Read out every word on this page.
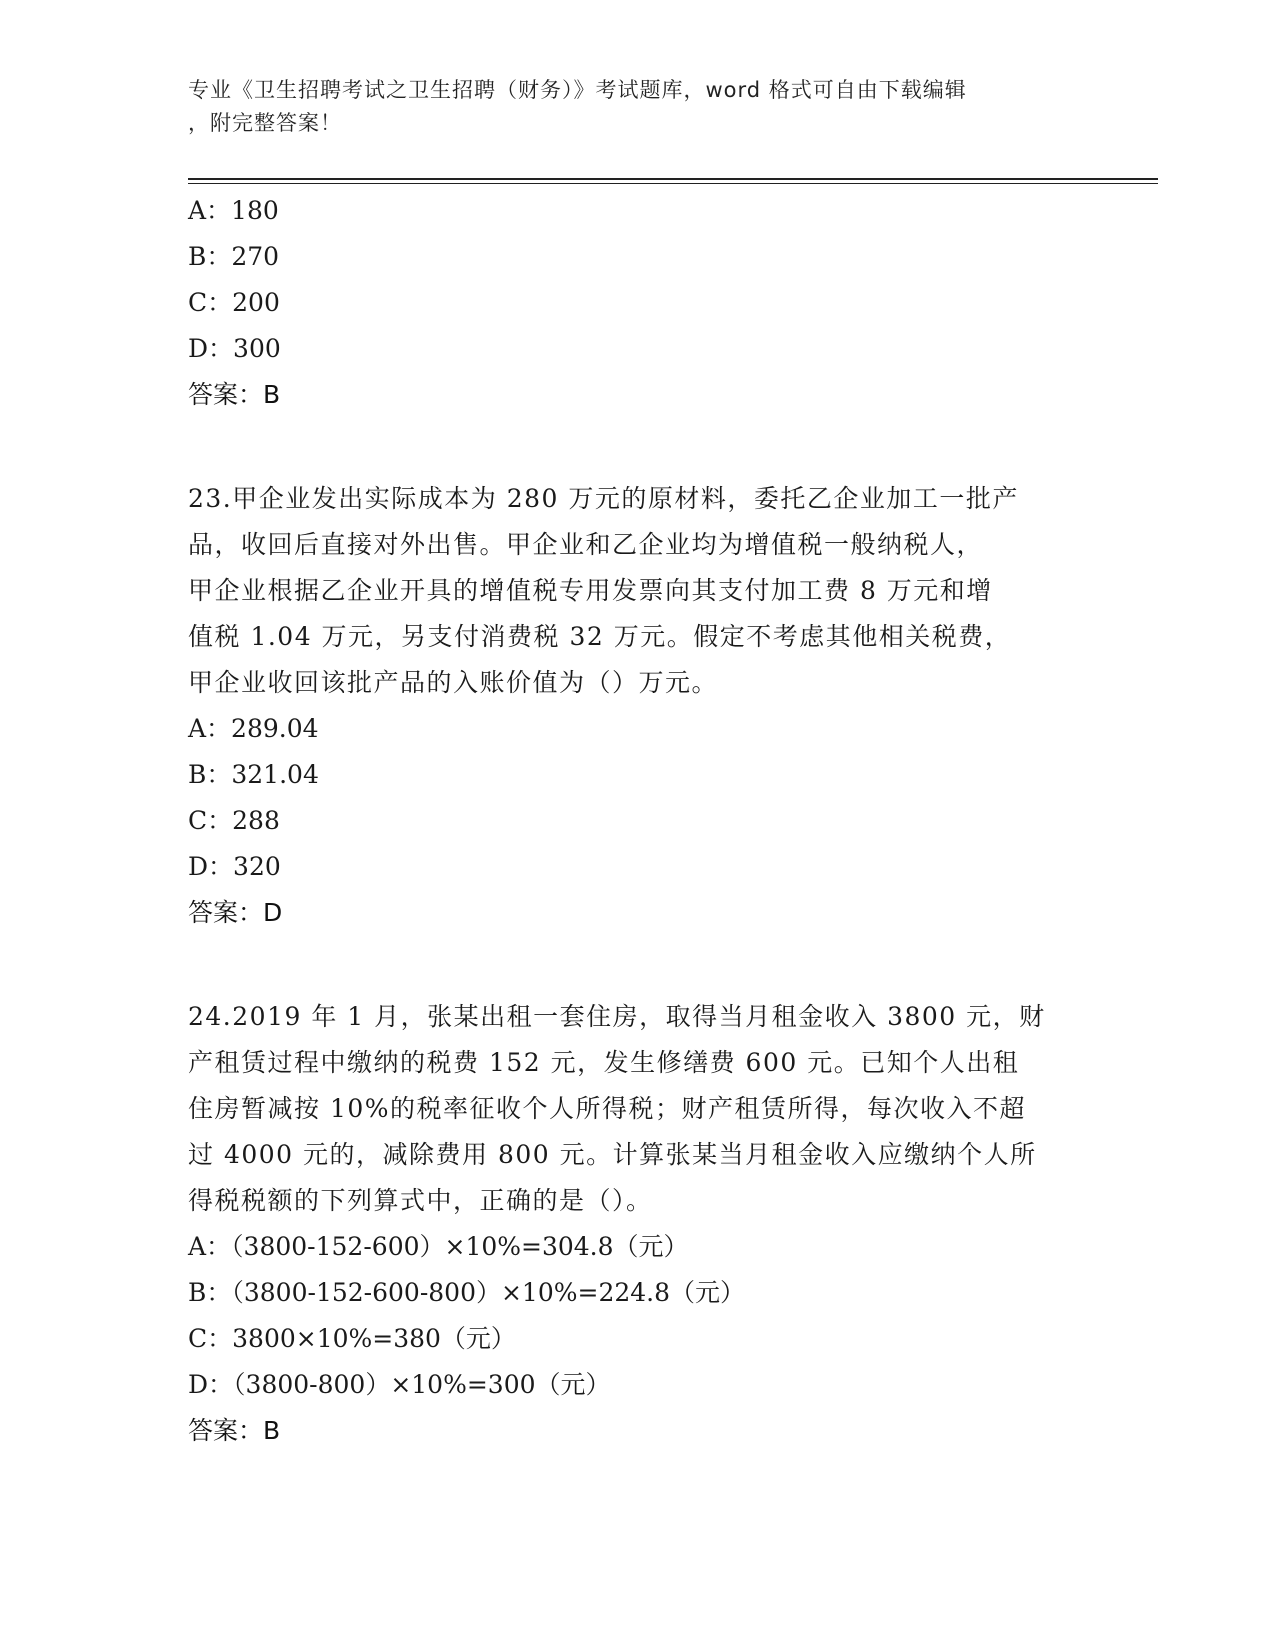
专业《卫生招聘考试之卫生招聘（财务）》考试题库，word 格式可自由下载编辑
，附完整答案！
A：180
B：270
C：200
D：300
答案：B
23.甲企业发出实际成本为 280 万元的原材料，委托乙企业加工一批产
品，收回后直接对外出售。甲企业和乙企业均为增值税一般纳税人，
甲企业根据乙企业开具的增值税专用发票向其支付加工费 8 万元和增
值税 1.04 万元，另支付消费税 32 万元。假定不考虑其他相关税费，
甲企业收回该批产品的入账价值为（）万元。
A：289.04
B：321.04
C：288
D：320
答案：D
24.2019 年 1 月，张某出租一套住房，取得当月租金收入 3800 元，财
产租赁过程中缴纳的税费 152 元，发生修缮费 600 元。已知个人出租
住房暂减按 10%的税率征收个人所得税；财产租赁所得，每次收入不超
过 4000 元的，减除费用 800 元。计算张某当月租金收入应缴纳个人所
得税税额的下列算式中，正确的是（）。
A：（3800-152-600）×10%=304.8（元）
B：（3800-152-600-800）×10%=224.8（元）
C：3800×10%=380（元）
D：（3800-800）×10%=300（元）
答案：B
